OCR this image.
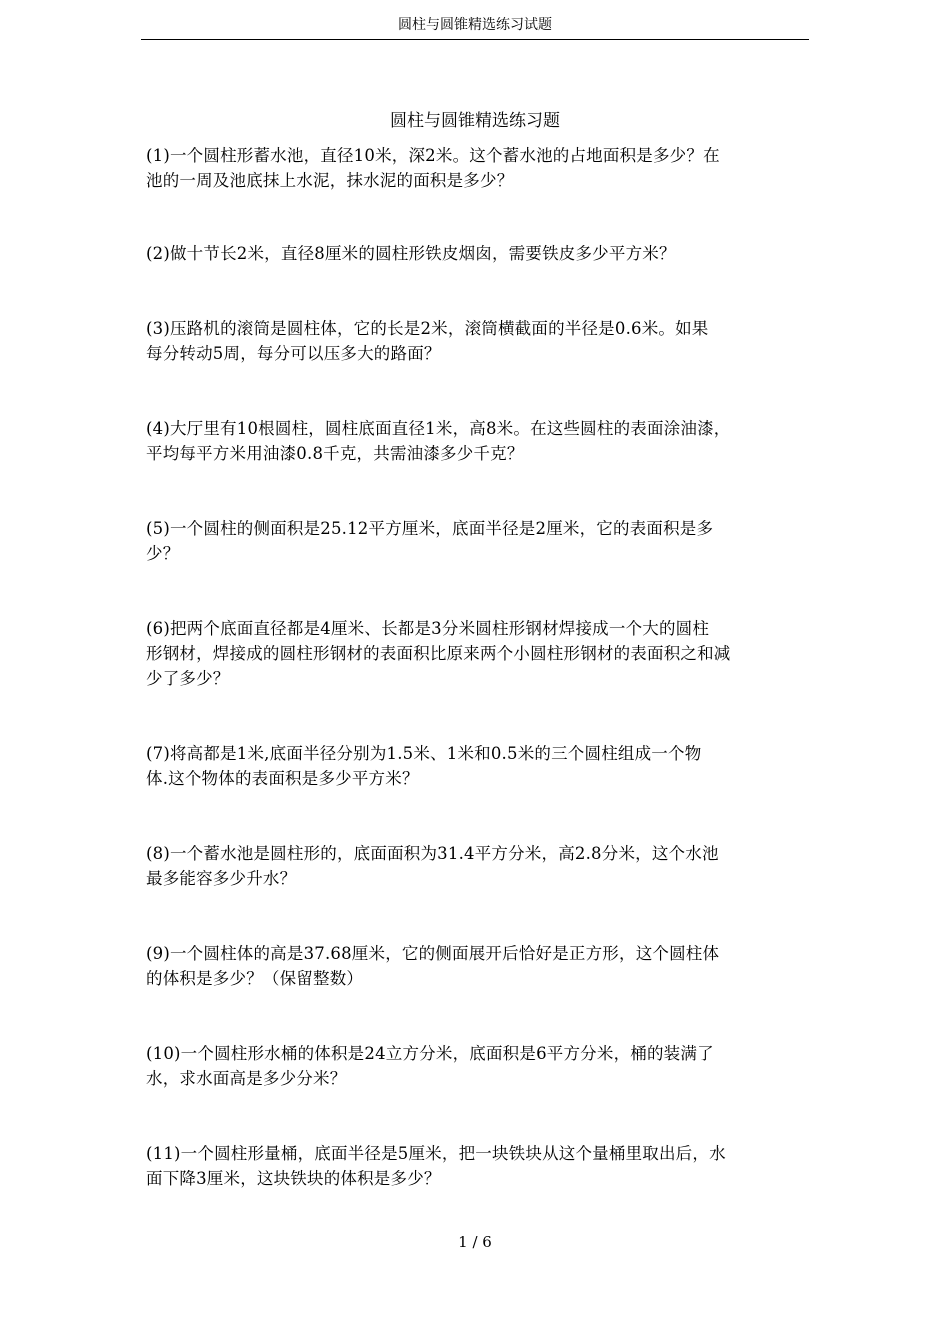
圆柱与圆锥精选练习试题
圆柱与圆锥精选练习题
(1)一个圆柱形蓄水池，直径10米，深2米。这个蓄水池的占地面积是多少？在
池的一周及池底抹上水泥，抹水泥的面积是多少？
(2)做十节长2米，直径8厘米的圆柱形铁皮烟囱，需要铁皮多少平方米？
(3)压路机的滚筒是圆柱体，它的长是2米，滚筒横截面的半径是0.6米。如果
每分转动5周，每分可以压多大的路面？
(4)大厅里有10根圆柱，圆柱底面直径1米，高8米。在这些圆柱的表面涂油漆，
平均每平方米用油漆0.8千克，共需油漆多少千克？
(5)一个圆柱的侧面积是25.12平方厘米，底面半径是2厘米，它的表面积是多
少？
(6)把两个底面直径都是4厘米、长都是3分米圆柱形钢材焊接成一个大的圆柱
形钢材，焊接成的圆柱形钢材的表面积比原来两个小圆柱形钢材的表面积之和减
少了多少？
(7)将高都是1米,底面半径分别为1.5米、1米和0.5米的三个圆柱组成一个物
体.这个物体的表面积是多少平方米？
(8)一个蓄水池是圆柱形的，底面面积为31.4平方分米，高2.8分米，这个水池
最多能容多少升水？
(9)一个圆柱体的高是37.68厘米，它的侧面展开后恰好是正方形，这个圆柱体
的体积是多少？（保留整数）
(10)一个圆柱形水桶的体积是24立方分米，底面积是6平方分米，桶的装满了
水，求水面高是多少分米？
(11)一个圆柱形量桶，底面半径是5厘米，把一块铁块从这个量桶里取出后，水
面下降3厘米，这块铁块的体积是多少？
1 / 6
